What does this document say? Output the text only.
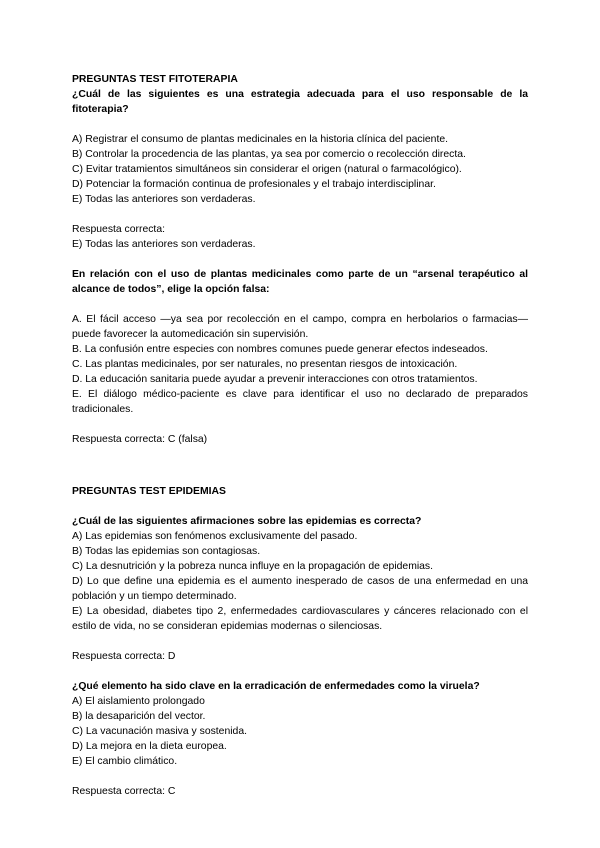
PREGUNTAS TEST FITOTERAPIA

¿Cuál de las siguientes es una estrategia adecuada para el uso responsable de la fitoterapia?

A) Registrar el consumo de plantas medicinales en la historia clínica del paciente.
B) Controlar la procedencia de las plantas, ya sea por comercio o recolección directa.
C) Evitar tratamientos simultáneos sin considerar el origen (natural o farmacológico).
D) Potenciar la formación continua de profesionales y el trabajo interdisciplinar.
E) Todas las anteriores son verdaderas.

Respuesta correcta:

E) Todas las anteriores son verdaderas.

En relación con el uso de plantas medicinales como parte de un “arsenal terapéutico al alcance de todos”, elige la opción falsa:

A. El fácil acceso —ya sea por recolección en el campo, compra en herbolarios o farmacias— puede favorecer la automedicación sin supervisión.
B. La confusión entre especies con nombres comunes puede generar efectos indeseados.
C. Las plantas medicinales, por ser naturales, no presentan riesgos de intoxicación.
D. La educación sanitaria puede ayudar a prevenir interacciones con otros tratamientos.
E. El diálogo médico-paciente es clave para identificar el uso no declarado de preparados tradicionales.

Respuesta correcta: C (falsa)

PREGUNTAS TEST EPIDEMIAS

¿Cuál de las siguientes afirmaciones sobre las epidemias es correcta?

A) Las epidemias son fenómenos exclusivamente del pasado.
B) Todas las epidemias son contagiosas.
C) La desnutrición y la pobreza nunca influye en la propagación de epidemias.
D) Lo que define una epidemia es el aumento inesperado de casos de una enfermedad en una población y un tiempo determinado.
E) La obesidad, diabetes tipo 2, enfermedades cardiovasculares y cánceres relacionado con el estilo de vida, no se consideran epidemias modernas o silenciosas.

Respuesta correcta: D

¿Qué elemento ha sido clave en la erradicación de enfermedades como la viruela?

A) El aislamiento prolongado
B) la desaparición del vector.
C) La vacunación masiva y sostenida.
D) La mejora en la dieta europea.
E) El cambio climático.

Respuesta correcta: C
